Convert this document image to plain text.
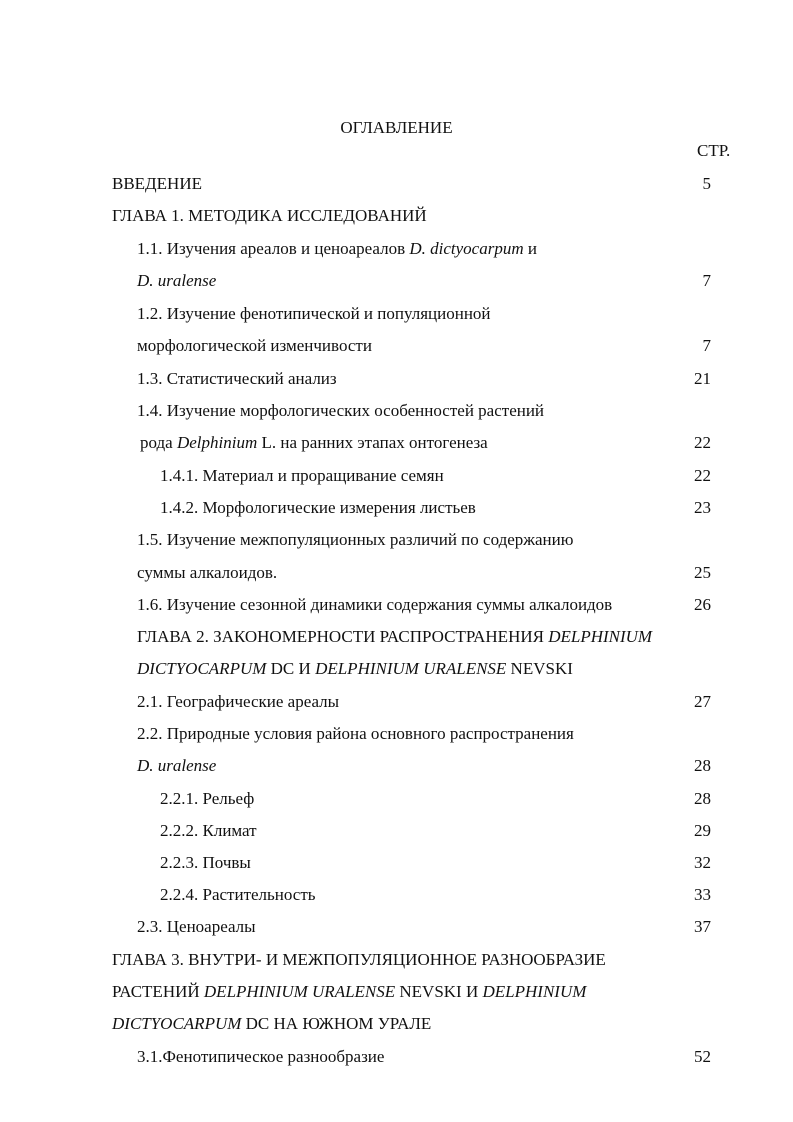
ОГЛАВЛЕНИЕ
СТР.
ВВЕДЕНИЕ	5
ГЛАВА 1. МЕТОДИКА ИССЛЕДОВАНИЙ
1.1. Изучения ареалов и ценоареалов D. dictyocarpum и
D. uralense	7
1.2. Изучение фенотипической и популяционной
морфологической изменчивости	7
1.3. Статистический анализ	21
1.4. Изучение морфологических особенностей растений
рода Delphinium L. на ранних этапах онтогенеза	22
1.4.1. Материал и проращивание семян	22
1.4.2. Морфологические измерения листьев	23
1.5. Изучение межпопуляционных различий по содержанию
суммы алкалоидов.	25
1.6. Изучение сезонной динамики содержания суммы алкалоидов	26
ГЛАВА 2. ЗАКОНОМЕРНОСТИ РАСПРОСТРАНЕНИЯ DELPHINIUM
DICTYOCARPUM DC И DELPHINIUM URALENSE NEVSKI
2.1. Географические ареалы	27
2.2. Природные условия района основного распространения
D. uralense	28
2.2.1. Рельеф	28
2.2.2. Климат	29
2.2.3. Почвы	32
2.2.4. Растительность	33
2.3. Ценоареалы	37
ГЛАВА 3. ВНУТРИ- И МЕЖПОПУЛЯЦИОННОЕ РАЗНООБРАЗИЕ
РАСТЕНИЙ DELPHINIUM URALENSE NEVSKI И DELPHINIUM
DICTYOCARPUM DC НА ЮЖНОМ УРАЛЕ
3.1.Фенотипическое разнообразие	52
